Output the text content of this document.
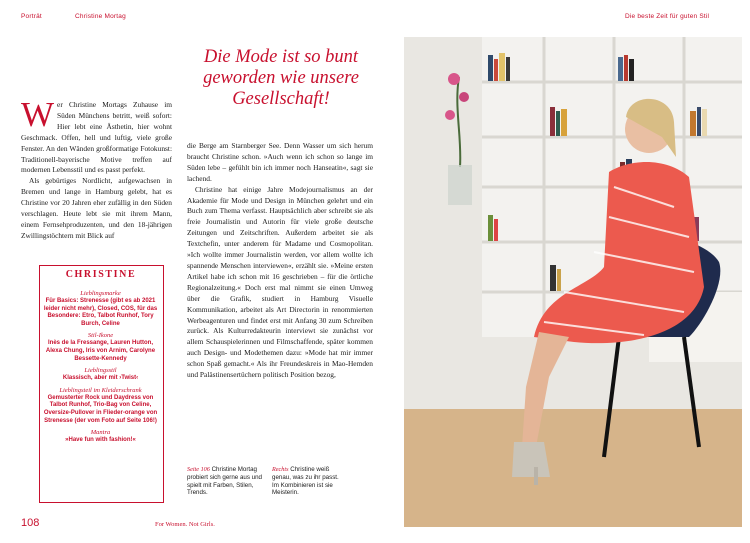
Porträt	Christine Mortag	Die beste Zeit für guten Stil
Die Mode ist so bunt geworden wie unsere Gesellschaft!
W er Christine Mortags Zuhause im Süden Münchens betritt, weiß sofort: Hier lebt eine Ästhetin, hier wohnt Geschmack. Offen, hell und luftig, viele große Fenster. An den Wänden großformatige Fotokunst: Traditionell-bayerische Motive treffen auf modernen Lebensstil und es passt perfekt.

Als gebürtiges Nordlicht, aufgewachsen in Bremen und lange in Hamburg gelebt, hat es Christine vor 20 Jahren eher zufällig in den Süden verschlagen. Heute lebt sie mit ihrem Mann, einem Fernsehproduzenten, und den 18-jährigen Zwillingstöchtern mit Blick auf

die Berge am Starnberger See. Denn Wasser um sich herum braucht Christine schon. »Auch wenn ich schon so lange im Süden lebe – gefühlt bin ich immer noch Hanseatin«, sagt sie lachend.

Christine hat einige Jahre Modejournalismus an der Akademie für Mode und Design in München gelehrt und ein Buch zum Thema verfasst. Hauptsächlich aber schreibt sie als freie Journalistin und Autorin für viele große deutsche Zeitungen und Zeitschriften. Außerdem arbeitet sie als Textchefin, unter anderem für Madame und Cosmopolitan. »Ich wollte immer Journalistin werden, vor allem wollte ich spannende Menschen interviewen«, erzählt sie. »Meine ersten Artikel habe ich schon mit 16 geschrieben – für die örtliche Regionalzeitung.« Doch erst mal nimmt sie einen Umweg über die Grafik, studiert in Hamburg Visuelle Kommunikation, arbeitet als Art Directorin in renommierten Werbeagenturen und findet erst mit Anfang 30 zum Schreiben zurück. Als Kulturredakteurin interviewt sie zunächst vor allem Schauspielerinnen und Filmschaffende, später kommen auch Design- und Modethemen dazu: »Mode hat mir immer schon Spaß gemacht.« Als ihr Freundeskreis in Mao-Hemden und Palästinensertüchern politisch Position bezog,

CHRISTINE
Lieblingsmarke
Für Basics: Strenesse (gibt es ab 2021 leider nicht mehr), Closed, COS, für das Besondere: Etro, Talbot Runhof, Tory Burch, Celine
Stil-Ikone
Inès de la Fressange, Lauren Hutton, Alexa Chung, Iris von Arnim, Carolyne Bessette-Kennedy
Lieblingsstil
Klassisch, aber mit ›Twist‹
Lieblingsteil im Kleiderschrank
Gemusterter Rock und Daydress von Talbot Runhof, Trio-Bag von Celine, Oversize-Pullover in Flieder-orange von Strenesse (der vom Foto auf Seite 106!)
Mantra
»Have fun with fashion!«
Seite 106 Christine Mortag probiert sich gerne aus und spielt mit Farben, Stilen, Trends.
Rechts Christine weiß genau, was zu ihr passt. Im Kombinieren ist sie Meisterin.
108	For Women. Not Girls.
